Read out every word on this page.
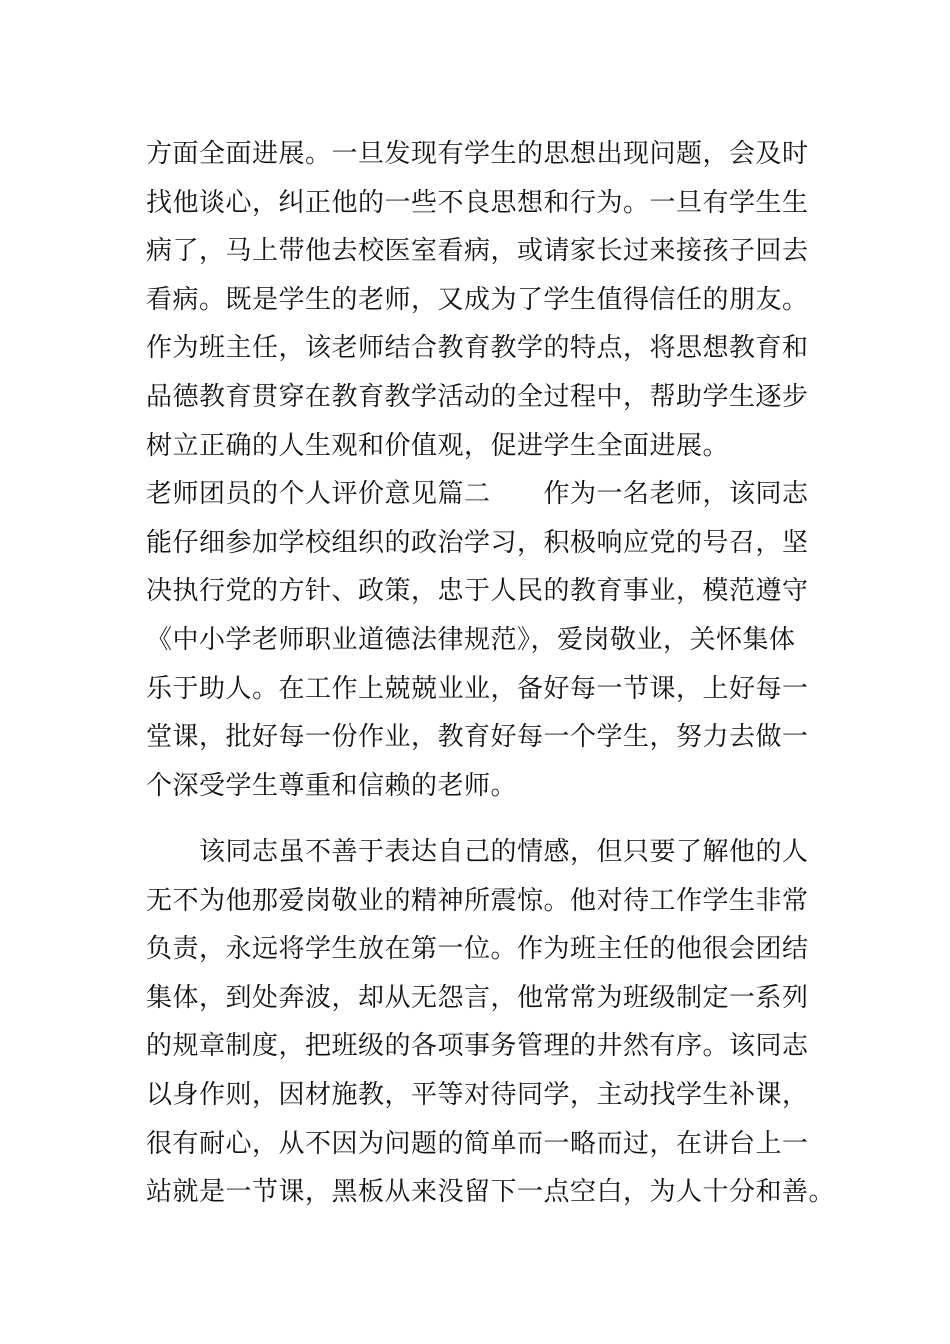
方面全面进展。一旦发现有学生的思想出现问题，会及时
找他谈心，纠正他的一些不良思想和行为。一旦有学生生
病了，马上带他去校医室看病，或请家长过来接孩子回去
看病。既是学生的老师，又成为了学生值得信任的朋友。
作为班主任，该老师结合教育教学的特点，将思想教育和
品德教育贯穿在教育教学活动的全过程中，帮助学生逐步
树立正确的人生观和价值观，促进学生全面进展。
老师团员的个人评价意见篇二　　作为一名老师，该同志
能仔细参加学校组织的政治学习，积极响应党的号召，坚
决执行党的方针、政策，忠于人民的教育事业，模范遵守
《中小学老师职业道德法律规范》，爱岗敬业，关怀集体
乐于助人。在工作上兢兢业业，备好每一节课，上好每一
堂课，批好每一份作业，教育好每一个学生，努力去做一
个深受学生尊重和信赖的老师。
　　该同志虽不善于表达自己的情感，但只要了解他的人
无不为他那爱岗敬业的精神所震惊。他对待工作学生非常
负责，永远将学生放在第一位。作为班主任的他很会团结
集体，到处奔波，却从无怨言，他常常为班级制定一系列
的规章制度，把班级的各项事务管理的井然有序。该同志
以身作则，因材施教，平等对待同学，主动找学生补课，
很有耐心，从不因为问题的简单而一略而过，在讲台上一
站就是一节课，黑板从来没留下一点空白，为人十分和善。
